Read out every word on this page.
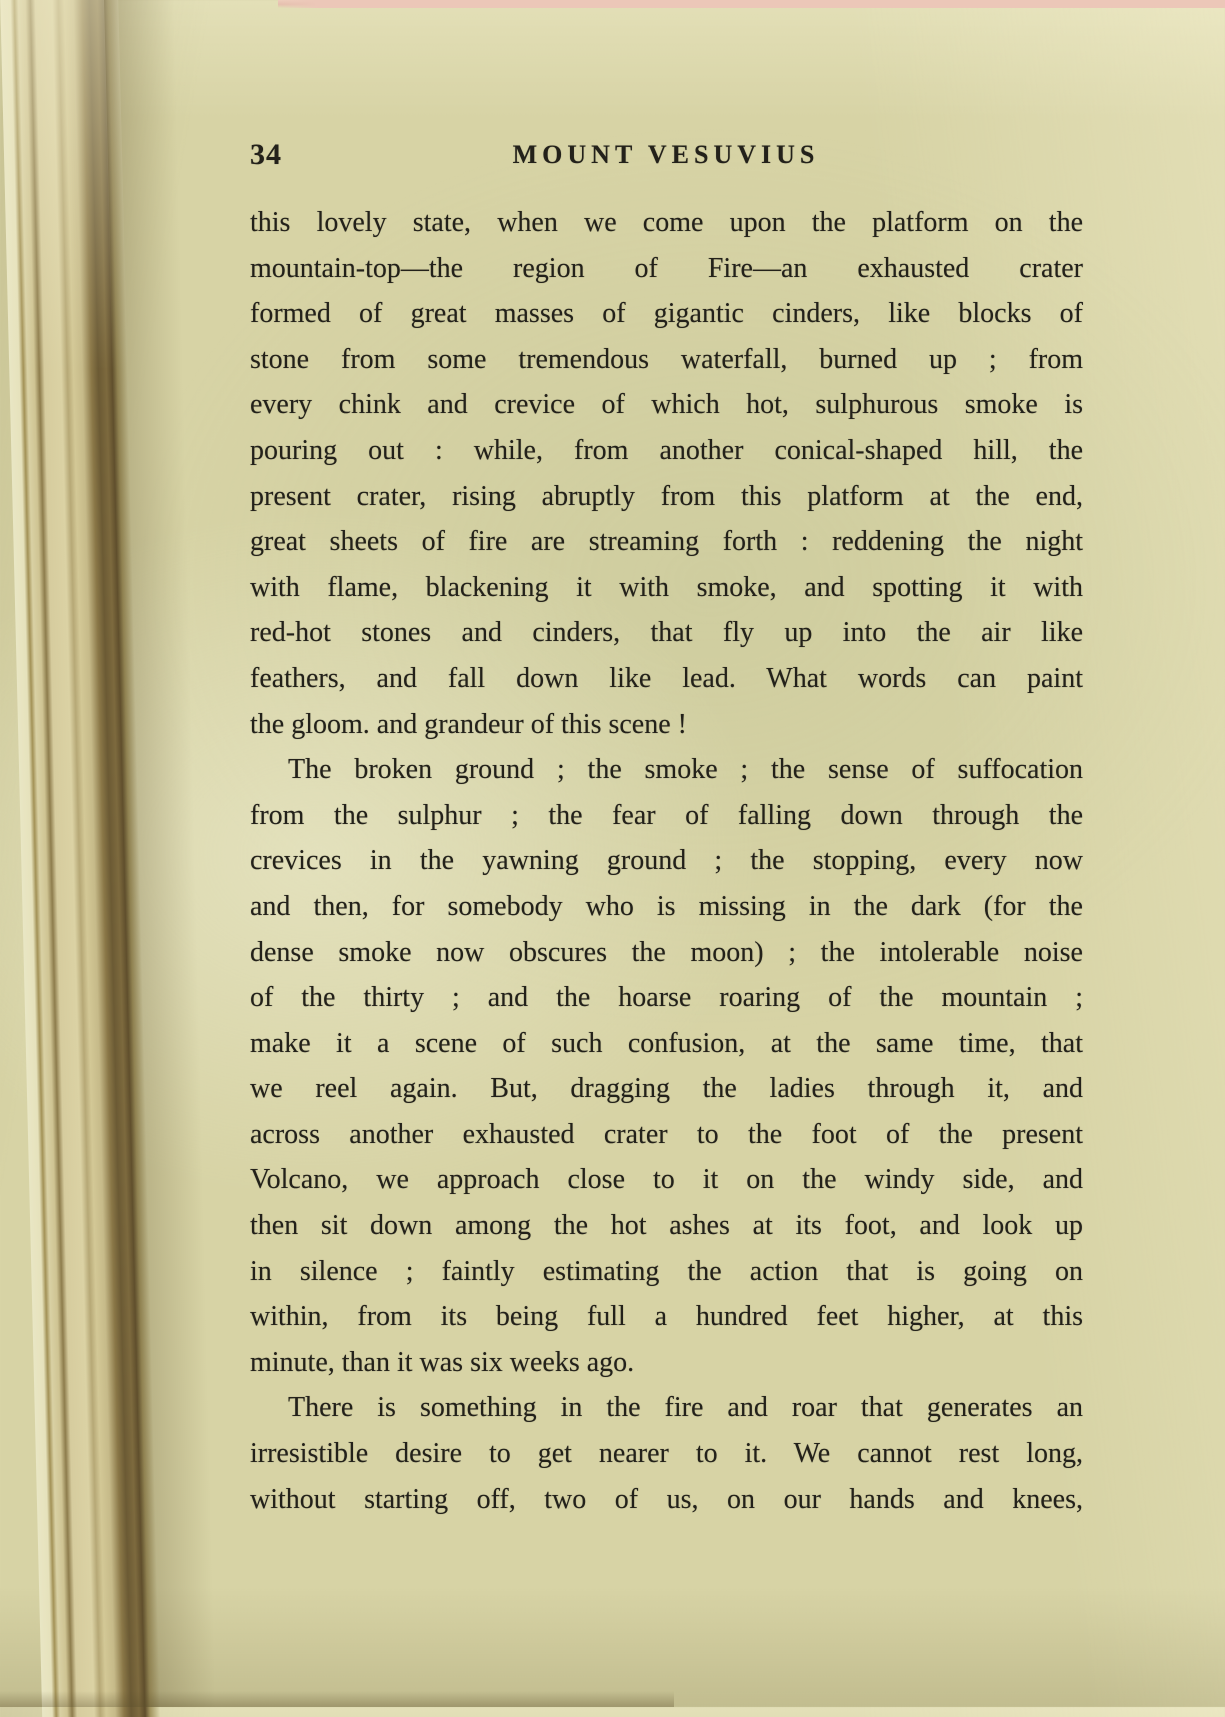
34	MOUNT VESUVIUS
this lovely state, when we come upon the platform on the
mountain-top—the region of Fire—an exhausted crater
formed of great masses of gigantic cinders, like blocks of
stone from some tremendous waterfall, burned up ; from
every chink and crevice of which hot, sulphurous smoke is
pouring out : while, from another conical-shaped hill, the
present crater, rising abruptly from this platform at the end,
great sheets of fire are streaming forth : reddening the night
with flame, blackening it with smoke, and spotting it with
red-hot stones and cinders, that fly up into the air like
feathers, and fall down like lead. What words can paint
the gloom. and grandeur of this scene !
The broken ground ; the smoke ; the sense of suffocation
from the sulphur ; the fear of falling down through the
crevices in the yawning ground ; the stopping, every now
and then, for somebody who is missing in the dark (for the
dense smoke now obscures the moon) ; the intolerable noise
of the thirty ; and the hoarse roaring of the mountain ;
make it a scene of such confusion, at the same time, that
we reel again. But, dragging the ladies through it, and
across another exhausted crater to the foot of the present
Volcano, we approach close to it on the windy side, and
then sit down among the hot ashes at its foot, and look up
in silence ; faintly estimating the action that is going on
within, from its being full a hundred feet higher, at this
minute, than it was six weeks ago.
There is something in the fire and roar that generates an
irresistible desire to get nearer to it. We cannot rest long,
without starting off, two of us, on our hands and knees,
